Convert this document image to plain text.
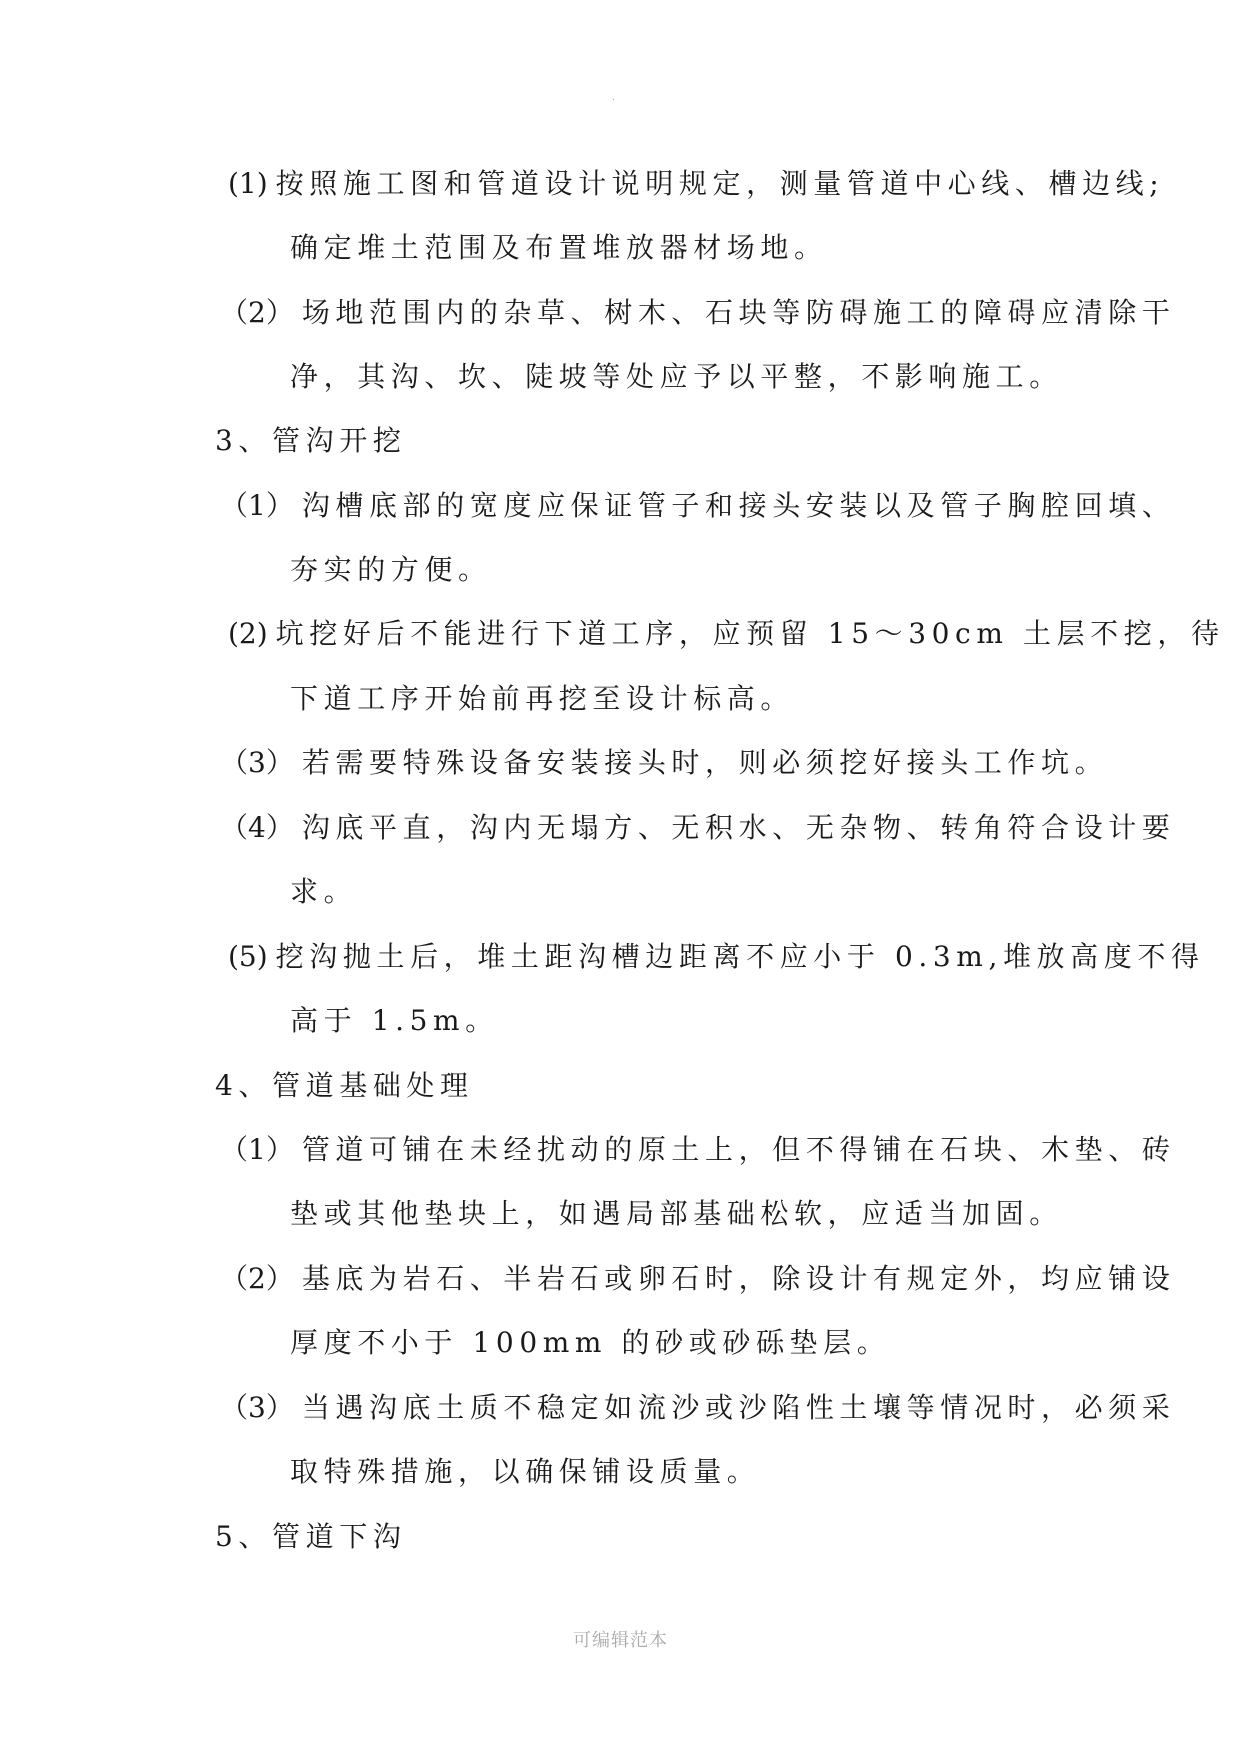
.
(1) 按照施工图和管道设计说明规定，测量管道中心线、槽边线;
确定堆土范围及布置堆放器材场地。
（2） 场地范围内的杂草、树木、石块等防碍施工的障碍应清除干
净，其沟、坎、陡坡等处应予以平整，不影响施工。
3、管沟开挖
（1） 沟槽底部的宽度应保证管子和接头安装以及管子胸腔回填、
夯实的方便。
(2) 坑挖好后不能进行下道工序，应预留 15～30cm 土层不挖，待
下道工序开始前再挖至设计标高。
（3） 若需要特殊设备安装接头时，则必须挖好接头工作坑。
（4） 沟底平直，沟内无塌方、无积水、无杂物、转角符合设计要
求。
(5) 挖沟抛土后，堆土距沟槽边距离不应小于 0.3m,堆放高度不得
高于 1.5m。
4、管道基础处理
（1） 管道可铺在未经扰动的原土上，但不得铺在石块、木垫、砖
垫或其他垫块上，如遇局部基础松软，应适当加固。
（2） 基底为岩石、半岩石或卵石时，除设计有规定外，均应铺设
厚度不小于 100mm 的砂或砂砾垫层。
（3） 当遇沟底土质不稳定如流沙或沙陷性土壤等情况时，必须采
取特殊措施，以确保铺设质量。
5、管道下沟
可编辑范本
